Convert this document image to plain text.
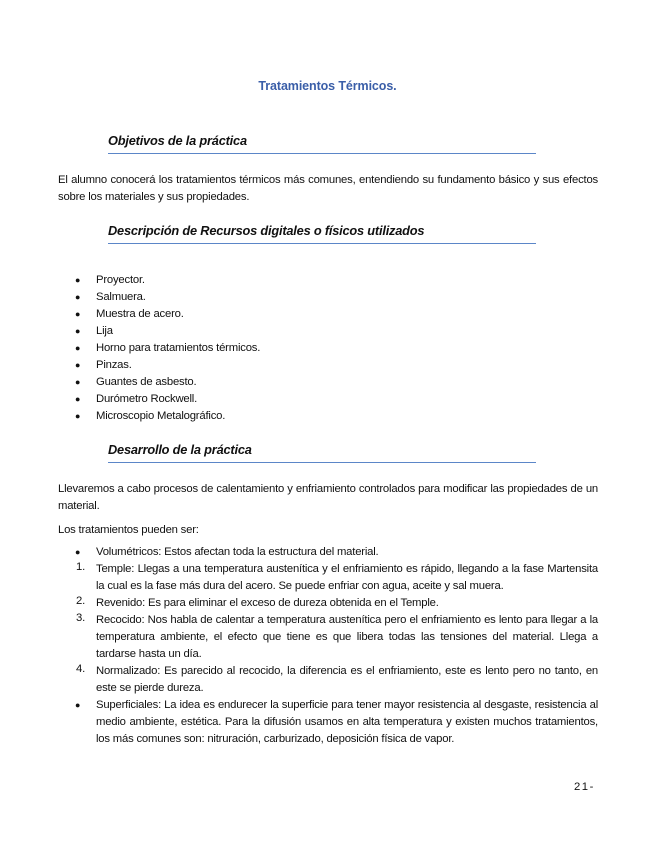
Tratamientos Térmicos.
Objetivos de la práctica
El alumno conocerá los tratamientos térmicos más comunes, entendiendo su fundamento básico y sus efectos sobre los materiales y sus propiedades.
Descripción de Recursos digitales o físicos utilizados
● Proyector.
● Salmuera.
● Muestra de acero.
● Lija
● Horno para tratamientos térmicos.
● Pinzas.
● Guantes de asbesto.
● Durómetro Rockwell.
● Microscopio Metalográfico.
Desarrollo de la práctica
Llevaremos a cabo procesos de calentamiento y enfriamiento controlados para modificar las propiedades de un material.
Los tratamientos pueden ser:
● Volumétricos: Estos afectan toda la estructura del material.
1. Temple: Llegas a una temperatura austenítica y el enfriamiento es rápido, llegando a la fase Martensita la cual es la fase más dura del acero. Se puede enfriar con agua, aceite y sal muera.
2. Revenido: Es para eliminar el exceso de dureza obtenida en el Temple.
3. Recocido: Nos habla de calentar a temperatura austenítica pero el enfriamiento es lento para llegar a la temperatura ambiente, el efecto que tiene es que libera todas las tensiones del material. Llega a tardarse hasta un día.
4. Normalizado: Es parecido al recocido, la diferencia es el enfriamiento, este es lento pero no tanto, en este se pierde dureza.
● Superficiales: La idea es endurecer la superficie para tener mayor resistencia al desgaste, resistencia al medio ambiente, estética. Para la difusión usamos en alta temperatura y existen muchos tratamientos, los más comunes son: nitruración, carburizado, deposición física de vapor.
21-
